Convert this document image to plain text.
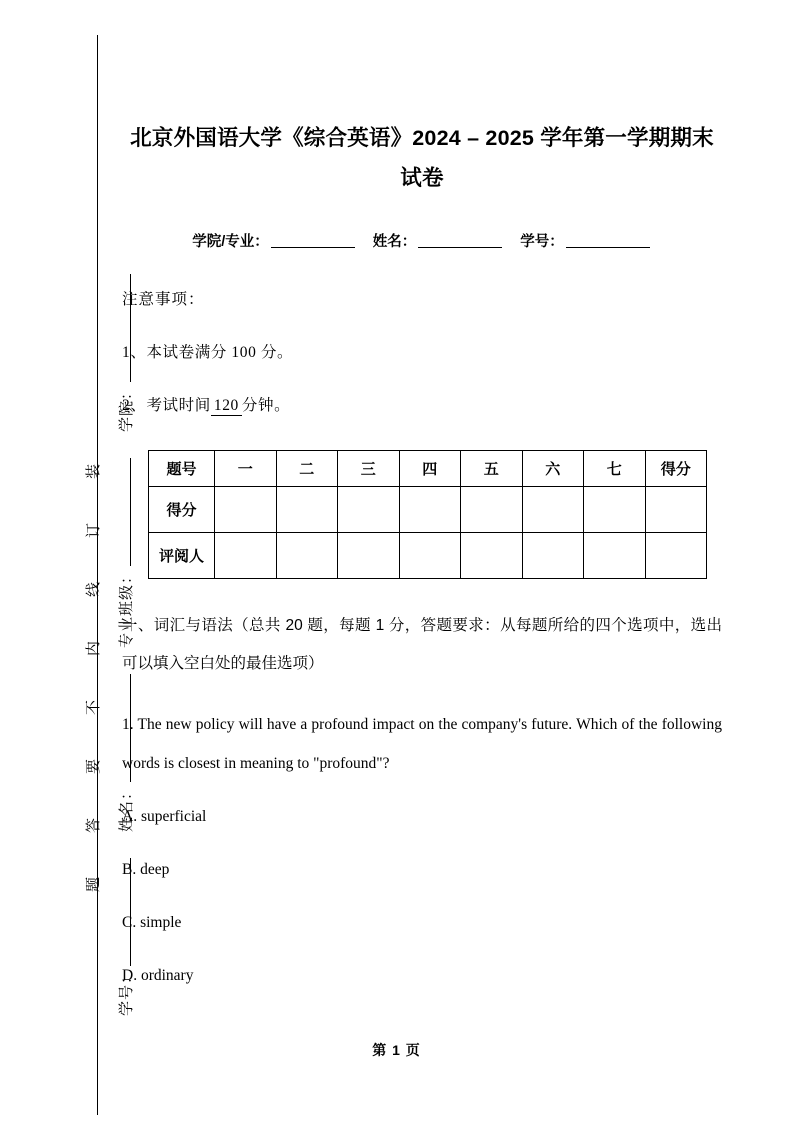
学号：
姓名：
专业班级：
学院：
题答要不内线订装
北京外国语大学《综合英语》2024 – 2025 学年第一学期期末试卷
学院/专业：	姓名：	学号：
注意事项：
1、本试卷满分 100 分。
2、考试时间 120 分钟。
题号	一	二	三	四	五	六	七	得分
得分								
评阅人								
一、词汇与语法（总共 20 题，每题 1 分，答题要求：从每题所给的四个选项中，选出可以填入空白处的最佳选项）
1. The new policy will have a profound impact on the company's future. Which of the following words is closest in meaning to "profound"?
A. superficial
B. deep
C. simple
D. ordinary
第 1 页
